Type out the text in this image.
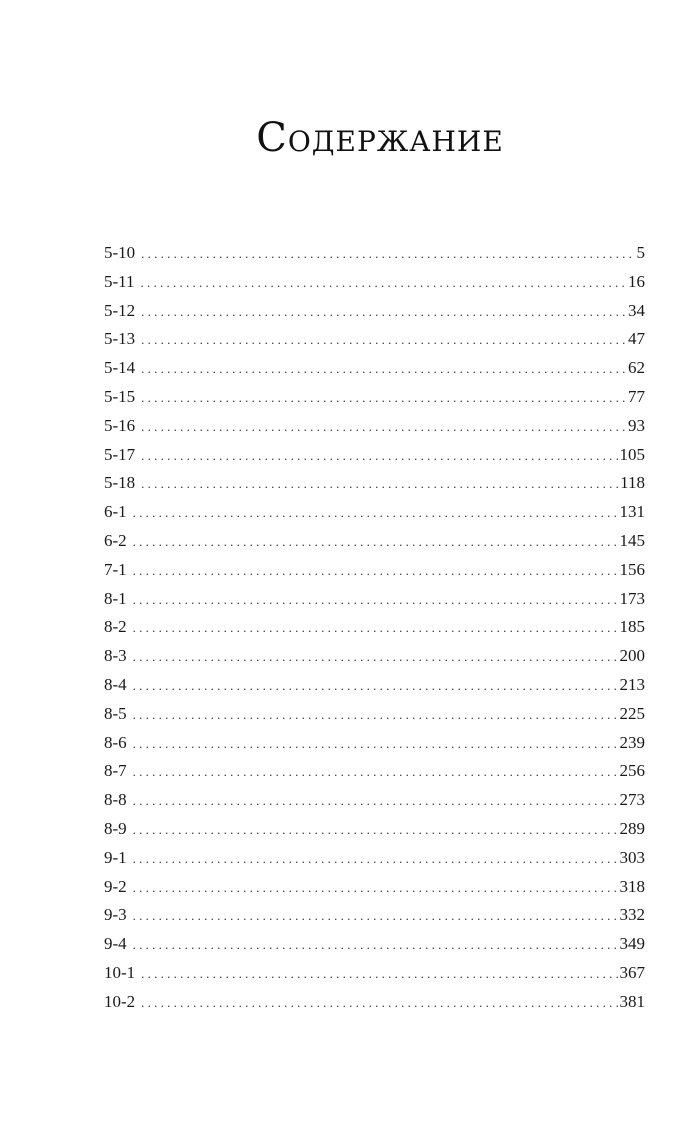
Содержание
5-10 . . .	5
5-11 . . .	16
5-12 . . .	34
5-13 . . .	47
5-14 . . .	62
5-15 . . .	77
5-16 . . .	93
5-17 . . .	105
5-18 . . .	118
6-1 . . .	131
6-2 . . .	145
7-1 . . .	156
8-1 . . .	173
8-2 . . .	185
8-3 . . .	200
8-4 . . .	213
8-5 . . .	225
8-6 . . .	239
8-7 . . .	256
8-8 . . .	273
8-9 . . .	289
9-1 . . .	303
9-2 . . .	318
9-3 . . .	332
9-4 . . .	349
10-1 . . .	367
10-2 . . .	381
